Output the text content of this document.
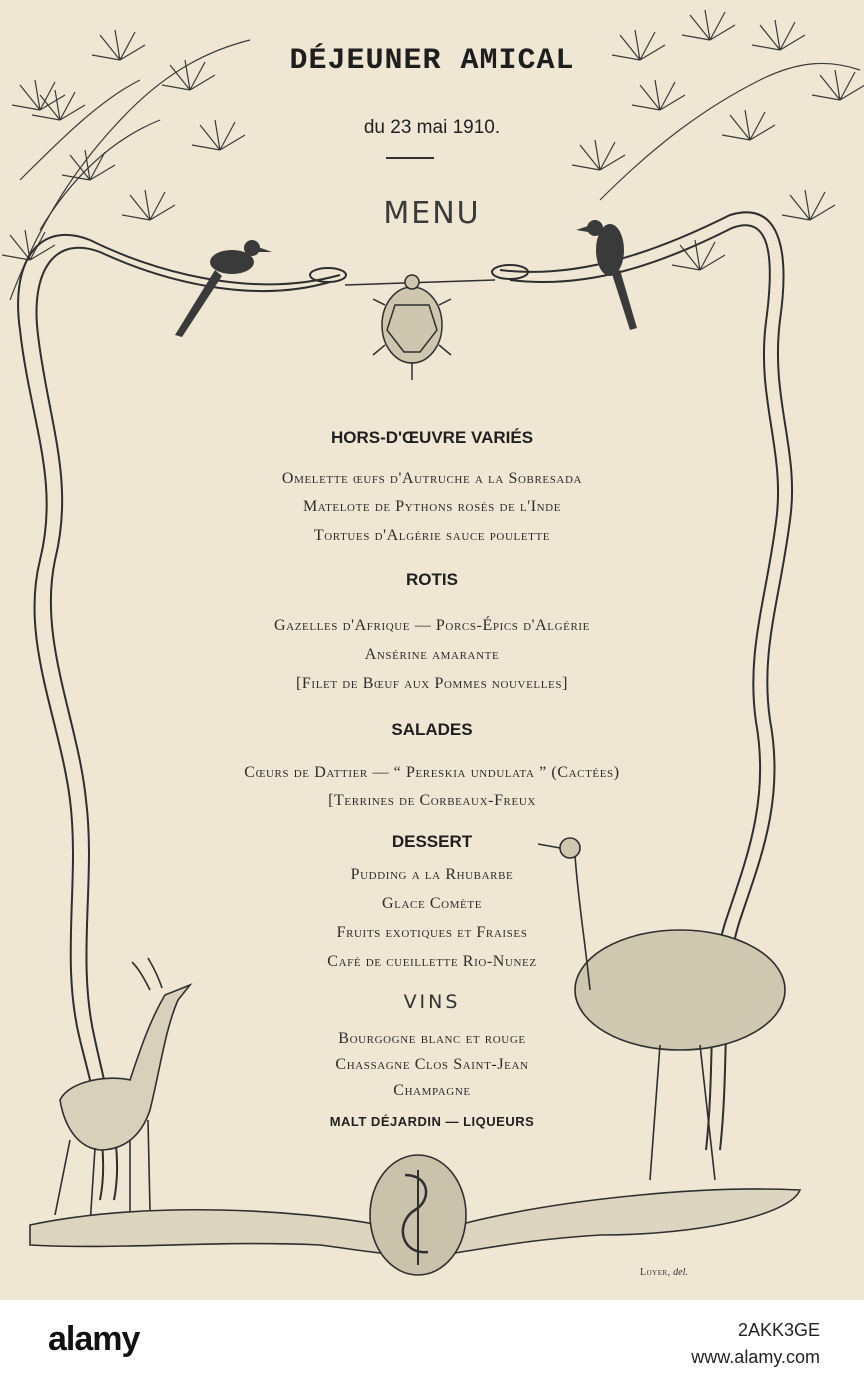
DÉJEUNER AMICAL
du 23 mai 1910.
MENU
HORS-D'ŒUVRE VARIÉS
Omelette œufs d'Autruche a la Sobresada
Matelote de Pythons rosés de l'Inde
Tortues d'Algérie sauce poulette
ROTIS
Gazelles d'Afrique — Porcs-Épics d'Algérie
Ansérine amarante
[Filet de Bœuf aux Pommes nouvelles]
SALADES
Cœurs de Dattier — “ Pereskia undulata ” (Cactées)
[Terrines de Corbeaux-Freux
DESSERT
Pudding a la Rhubarbe
Glace Comète
Fruits exotiques et Fraises
Café de cueillette Rio-Nunez
VINS
Bourgogne blanc et rouge
Chassagne Clos Saint-Jean
Champagne
MALT DÉJARDIN — LIQUEURS
Loyer, del.
alamy	2AKK3GE
www.alamy.com
